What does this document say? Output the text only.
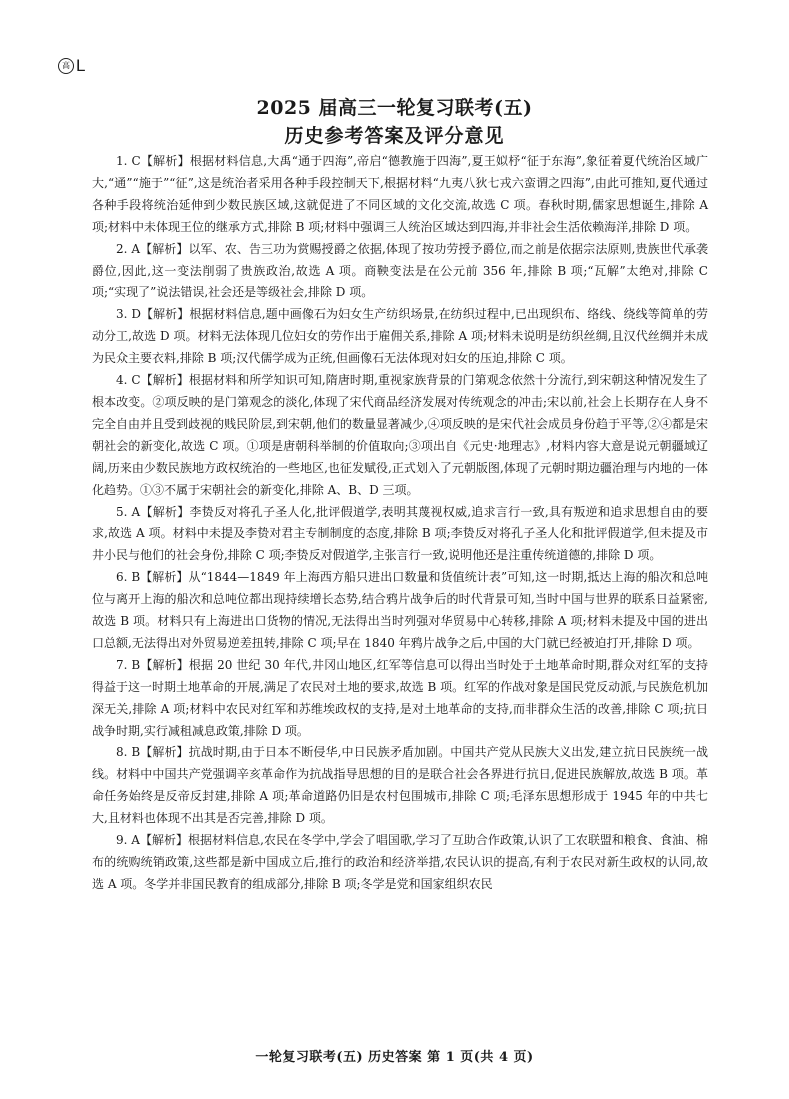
高 L
2025 届高三一轮复习联考(五)
历史参考答案及评分意见

1. C【解析】根据材料信息,大禹“通于四海”,帝启“德教施于四海”,夏王姒杼“征于东海”,象征着夏代统治区域广大,“通”“施于”“征”,这是统治者采用各种手段控制天下,根据材料“九夷八狄七戎六蛮谓之四海”,由此可推知,夏代通过各种手段将统治延伸到少数民族区域,这就促进了不同区域的文化交流,故选 C 项。春秋时期,儒家思想诞生,排除 A 项;材料中未体现王位的继承方式,排除 B 项;材料中强调三人统治区域达到四海,并非社会生活依赖海洋,排除 D 项。

2. A【解析】以军、农、告三功为赏赐授爵之依据,体现了按功劳授予爵位,而之前是依据宗法原则,贵族世代承袭爵位,因此,这一变法削弱了贵族政治,故选 A 项。商鞅变法是在公元前 356 年,排除 B 项;“瓦解”太绝对,排除 C 项;“实现了”说法错误,社会还是等级社会,排除 D 项。

3. D【解析】根据材料信息,题中画像石为妇女生产纺织场景,在纺织过程中,已出现织布、络线、绕线等简单的劳动分工,故选 D 项。材料无法体现几位妇女的劳作出于雇佣关系,排除 A 项;材料未说明是纺织丝绸,且汉代丝绸并未成为民众主要衣料,排除 B 项;汉代儒学成为正统,但画像石无法体现对妇女的压迫,排除 C 项。

4. C【解析】根据材料和所学知识可知,隋唐时期,重视家族背景的门第观念依然十分流行,到宋朝这种情况发生了根本改变。②项反映的是门第观念的淡化,体现了宋代商品经济发展对传统观念的冲击;宋以前,社会上长期存在人身不完全自由并且受到歧视的贱民阶层,到宋朝,他们的数量显著减少,④项反映的是宋代社会成员身份趋于平等,②④都是宋朝社会的新变化,故选 C 项。①项是唐朝科举制的价值取向;③项出自《元史·地理志》,材料内容大意是说元朝疆域辽阔,历来由少数民族地方政权统治的一些地区,也征发赋役,正式划入了元朝版图,体现了元朝时期边疆治理与内地的一体化趋势。①③不属于宋朝社会的新变化,排除 A、B、D 三项。

5. A【解析】李贽反对将孔子圣人化,批评假道学,表明其蔑视权威,追求言行一致,具有叛逆和追求思想自由的要求,故选 A 项。材料中未提及李贽对君主专制制度的态度,排除 B 项;李贽反对将孔子圣人化和批评假道学,但未提及市井小民与他们的社会身份,排除 C 项;李贽反对假道学,主张言行一致,说明他还是注重传统道德的,排除 D 项。

6. B【解析】从“1844—1849 年上海西方船只进出口数量和货值统计表”可知,这一时期,抵达上海的船次和总吨位与离开上海的船次和总吨位都出现持续增长态势,结合鸦片战争后的时代背景可知,当时中国与世界的联系日益紧密,故选 B 项。材料只有上海进出口货物的情况,无法得出当时列强对华贸易中心转移,排除 A 项;材料未提及中国的进出口总额,无法得出对外贸易逆差扭转,排除 C 项;早在 1840 年鸦片战争之后,中国的大门就已经被迫打开,排除 D 项。

7. B【解析】根据 20 世纪 30 年代,井冈山地区,红军等信息可以得出当时处于土地革命时期,群众对红军的支持得益于这一时期土地革命的开展,满足了农民对土地的要求,故选 B 项。红军的作战对象是国民党反动派,与民族危机加深无关,排除 A 项;材料中农民对红军和苏维埃政权的支持,是对土地革命的支持,而非群众生活的改善,排除 C 项;抗日战争时期,实行减租减息政策,排除 D 项。

8. B【解析】抗战时期,由于日本不断侵华,中日民族矛盾加剧。中国共产党从民族大义出发,建立抗日民族统一战线。材料中中国共产党强调辛亥革命作为抗战指导思想的目的是联合社会各界进行抗日,促进民族解放,故选 B 项。革命任务始终是反帝反封建,排除 A 项;革命道路仍旧是农村包围城市,排除 C 项;毛泽东思想形成于 1945 年的中共七大,且材料也体现不出其是否完善,排除 D 项。

9. A【解析】根据材料信息,农民在冬学中,学会了唱国歌,学习了互助合作政策,认识了工农联盟和粮食、食油、棉布的统购统销政策,这些都是新中国成立后,推行的政治和经济举措,农民认识的提高,有利于农民对新生政权的认同,故选 A 项。冬学并非国民教育的组成部分,排除 B 项;冬学是党和国家组织农民

一轮复习联考(五) 历史答案 第 1 页(共 4 页)
